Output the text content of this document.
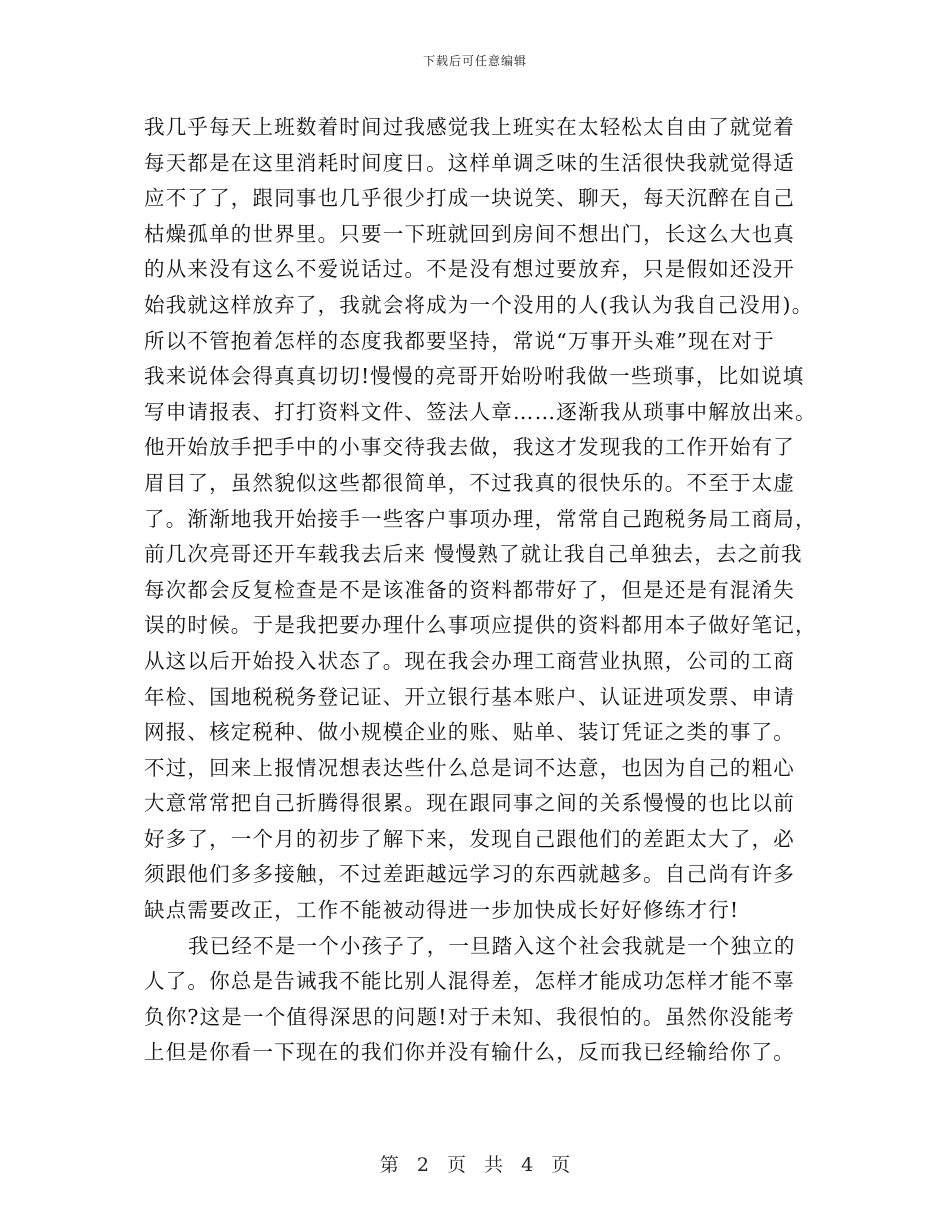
下载后可任意编辑
我几乎每天上班数着时间过我感觉我上班实在太轻松太自由了就觉着
每天都是在这里消耗时间度日。这样单调乏味的生活很快我就觉得适
应不了了，跟同事也几乎很少打成一块说笑、聊天，每天沉醉在自己
枯燥孤单的世界里。只要一下班就回到房间不想出门，长这么大也真
的从来没有这么不爱说话过。不是没有想过要放弃，只是假如还没开
始我就这样放弃了，我就会将成为一个没用的人(我认为我自己没用)。
所以不管抱着怎样的态度我都要坚持，常说“万事开头难”现在对于
我来说体会得真真切切!慢慢的亮哥开始吩咐我做一些琐事，比如说填
写申请报表、打打资料文件、签法人章……逐渐我从琐事中解放出来。
他开始放手把手中的小事交待我去做，我这才发现我的工作开始有了
眉目了，虽然貌似这些都很简单，不过我真的很快乐的。不至于太虚
了。渐渐地我开始接手一些客户事项办理，常常自己跑税务局工商局，
前几次亮哥还开车载我去后来 慢慢熟了就让我自己单独去，去之前我
每次都会反复检查是不是该准备的资料都带好了，但是还是有混淆失
误的时候。于是我把要办理什么事项应提供的资料都用本子做好笔记，
从这以后开始投入状态了。现在我会办理工商营业执照，公司的工商
年检、国地税税务登记证、开立银行基本账户、认证进项发票、申请
网报、核定税种、做小规模企业的账、贴单、装订凭证之类的事了。
不过，回来上报情况想表达些什么总是词不达意，也因为自己的粗心
大意常常把自己折腾得很累。现在跟同事之间的关系慢慢的也比以前
好多了，一个月的初步了解下来，发现自己跟他们的差距太大了，必
须跟他们多多接触，不过差距越远学习的东西就越多。自己尚有许多
缺点需要改正，工作不能被动得进一步加快成长好好修练才行!
我已经不是一个小孩子了，一旦踏入这个社会我就是一个独立的
人了。你总是告诫我不能比别人混得差，怎样才能成功怎样才能不辜
负你?这是一个值得深思的问题!对于未知、我很怕的。虽然你没能考
上但是你看一下现在的我们你并没有输什么，反而我已经输给你了。
第 2 页 共 4 页
